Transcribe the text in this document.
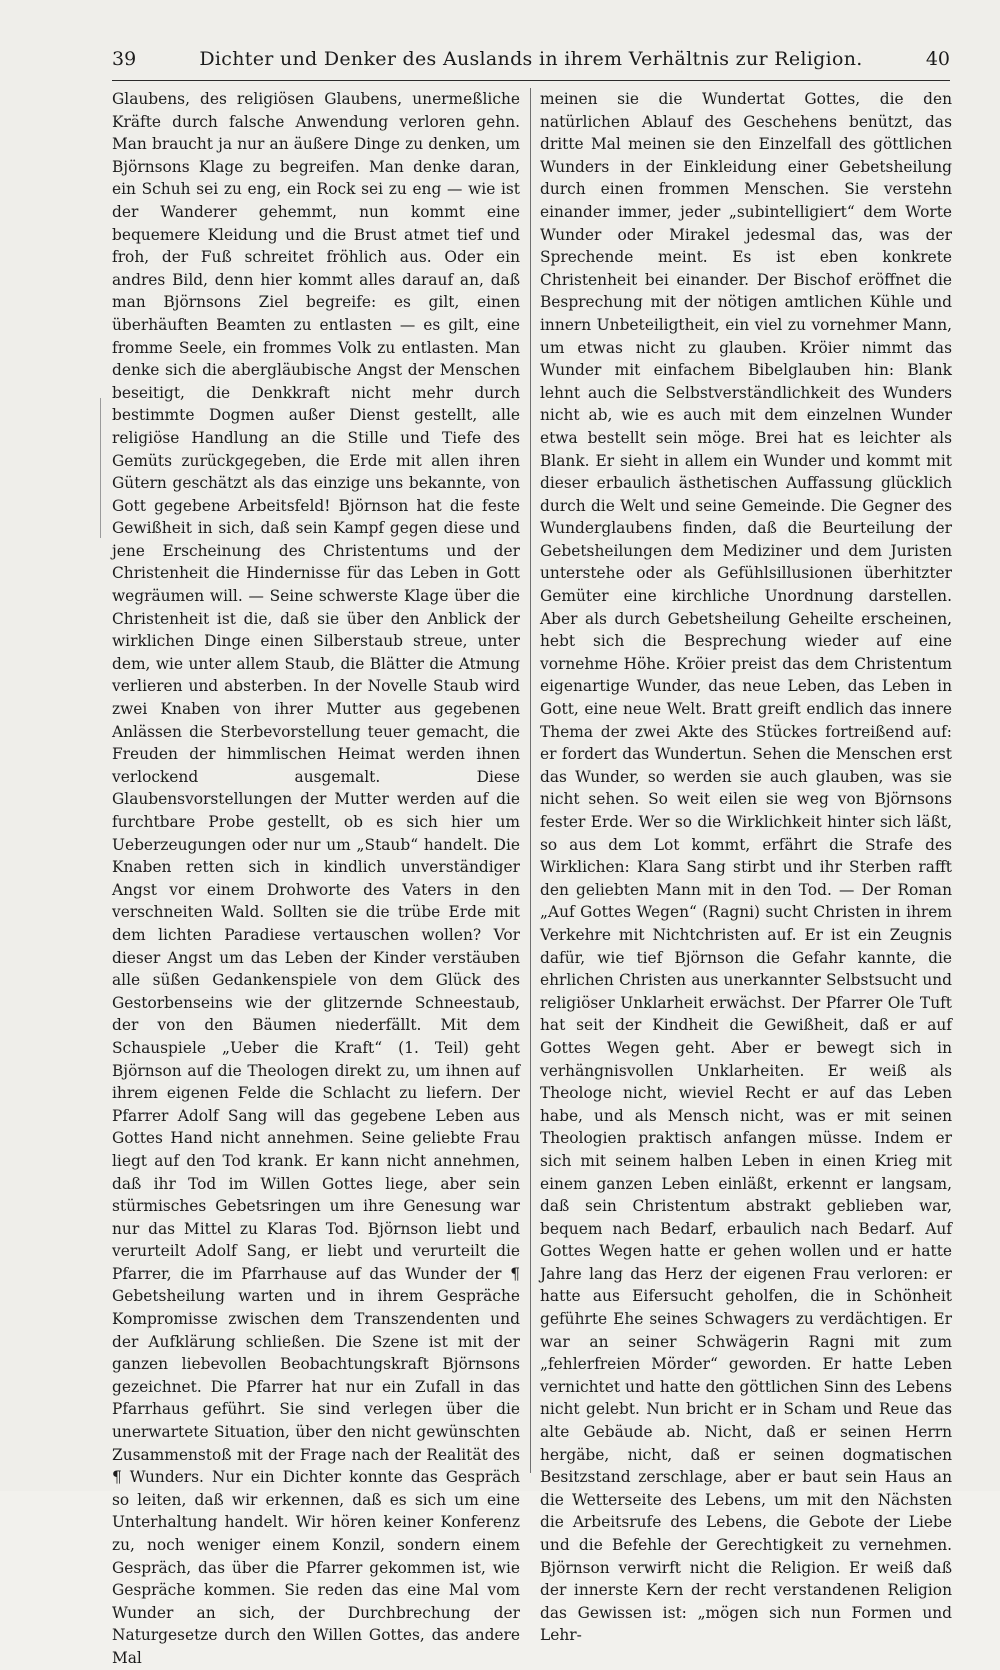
39	Dichter und Denker des Auslands in ihrem Verhältnis zur Religion.	40

Glaubens, des religiösen Glaubens, unermeßliche Kräfte durch falsche Anwendung verloren gehn. Man braucht ja nur an äußere Dinge zu denken, um Björnsons Klage zu begreifen. Man denke daran, ein Schuh sei zu eng, ein Rock sei zu eng — wie ist der Wanderer gehemmt, nun kommt eine bequemere Kleidung und die Brust atmet tief und froh, der Fuß schreitet fröhlich aus. Oder ein andres Bild, denn hier kommt alles darauf an, daß man Björnsons Ziel begreife: es gilt, einen überhäuften Beamten zu entlasten — es gilt, eine fromme Seele, ein frommes Volk zu entlasten. Man denke sich die abergläubische Angst der Menschen beseitigt, die Denkkraft nicht mehr durch bestimmte Dogmen außer Dienst gestellt, alle religiöse Handlung an die Stille und Tiefe des Gemüts zurückgegeben, die Erde mit allen ihren Gütern geschätzt als das einzige uns bekannte, von Gott gegebene Arbeitsfeld! Björnson hat die feste Gewißheit in sich, daß sein Kampf gegen diese und jene Erscheinung des Christentums und der Christenheit die Hindernisse für das Leben in Gott wegräumen will. — Seine schwerste Klage über die Christenheit ist die, daß sie über den Anblick der wirklichen Dinge einen Silberstaub streue, unter dem, wie unter allem Staub, die Blätter die Atmung verlieren und absterben. In der Novelle Staub wird zwei Knaben von ihrer Mutter aus gegebenen Anlässen die Sterbevorstellung teuer gemacht, die Freuden der himmlischen Heimat werden ihnen verlockend ausgemalt. Diese Glaubensvorstellungen der Mutter werden auf die furchtbare Probe gestellt, ob es sich hier um Ueberzeugungen oder nur um „Staub“ handelt. Die Knaben retten sich in kindlich unverständiger Angst vor einem Drohworte des Vaters in den verschneiten Wald. Sollten sie die trübe Erde mit dem lichten Paradiese vertauschen wollen? Vor dieser Angst um das Leben der Kinder verstäuben alle süßen Gedankenspiele von dem Glück des Gestorbenseins wie der glitzernde Schneestaub, der von den Bäumen niederfällt. Mit dem Schauspiele „Ueber die Kraft“ (1. Teil) geht Björnson auf die Theologen direkt zu, um ihnen auf ihrem eigenen Felde die Schlacht zu liefern. Der Pfarrer Adolf Sang will das gegebene Leben aus Gottes Hand nicht annehmen. Seine geliebte Frau liegt auf den Tod krank. Er kann nicht annehmen, daß ihr Tod im Willen Gottes liege, aber sein stürmisches Gebetsringen um ihre Genesung war nur das Mittel zu Klaras Tod. Björnson liebt und verurteilt Adolf Sang, er liebt und verurteilt die Pfarrer, die im Pfarrhause auf das Wunder der ¶ Gebetsheilung warten und in ihrem Gespräche Kompromisse zwischen dem Transzendenten und der Aufklärung schließen. Die Szene ist mit der ganzen liebevollen Beobachtungskraft Björnsons gezeichnet. Die Pfarrer hat nur ein Zufall in das Pfarrhaus geführt. Sie sind verlegen über die unerwartete Situation, über den nicht gewünschten Zusammenstoß mit der Frage nach der Realität des ¶ Wunders. Nur ein Dichter konnte das Gespräch so leiten, daß wir erkennen, daß es sich um eine Unterhaltung handelt. Wir hören keiner Konferenz zu, noch weniger einem Konzil, sondern einem Gespräch, das über die Pfarrer gekommen ist, wie Gespräche kommen. Sie reden das eine Mal vom Wunder an sich, der Durchbrechung der Naturgesetze durch den Willen Gottes, das andere Mal

meinen sie die Wundertat Gottes, die den natürlichen Ablauf des Geschehens benützt, das dritte Mal meinen sie den Einzelfall des göttlichen Wunders in der Einkleidung einer Gebetsheilung durch einen frommen Menschen. Sie verstehn einander immer, jeder „subintelligiert“ dem Worte Wunder oder Mirakel jedesmal das, was der Sprechende meint. Es ist eben konkrete Christenheit bei einander. Der Bischof eröffnet die Besprechung mit der nötigen amtlichen Kühle und innern Unbeteiligtheit, ein viel zu vornehmer Mann, um etwas nicht zu glauben. Kröier nimmt das Wunder mit einfachem Bibelglauben hin: Blank lehnt auch die Selbstverständlichkeit des Wunders nicht ab, wie es auch mit dem einzelnen Wunder etwa bestellt sein möge. Brei hat es leichter als Blank. Er sieht in allem ein Wunder und kommt mit dieser erbaulich ästhetischen Auffassung glücklich durch die Welt und seine Gemeinde. Die Gegner des Wunderglaubens finden, daß die Beurteilung der Gebetsheilungen dem Mediziner und dem Juristen unterstehe oder als Gefühlsillusionen überhitzter Gemüter eine kirchliche Unordnung darstellen. Aber als durch Gebetsheilung Geheilte erscheinen, hebt sich die Besprechung wieder auf eine vornehme Höhe. Kröier preist das dem Christentum eigenartige Wunder, das neue Leben, das Leben in Gott, eine neue Welt. Bratt greift endlich das innere Thema der zwei Akte des Stückes fortreißend auf: er fordert das Wundertun. Sehen die Menschen erst das Wunder, so werden sie auch glauben, was sie nicht sehen. So weit eilen sie weg von Björnsons fester Erde. Wer so die Wirklichkeit hinter sich läßt, so aus dem Lot kommt, erfährt die Strafe des Wirklichen: Klara Sang stirbt und ihr Sterben rafft den geliebten Mann mit in den Tod. — Der Roman „Auf Gottes Wegen“ (Ragni) sucht Christen in ihrem Verkehre mit Nichtchristen auf. Er ist ein Zeugnis dafür, wie tief Björnson die Gefahr kannte, die ehrlichen Christen aus unerkannter Selbstsucht und religiöser Unklarheit erwächst. Der Pfarrer Ole Tuft hat seit der Kindheit die Gewißheit, daß er auf Gottes Wegen geht. Aber er bewegt sich in verhängnisvollen Unklarheiten. Er weiß als Theologe nicht, wieviel Recht er auf das Leben habe, und als Mensch nicht, was er mit seinen Theologien praktisch anfangen müsse. Indem er sich mit seinem halben Leben in einen Krieg mit einem ganzen Leben einläßt, erkennt er langsam, daß sein Christentum abstrakt geblieben war, bequem nach Bedarf, erbaulich nach Bedarf. Auf Gottes Wegen hatte er gehen wollen und er hatte Jahre lang das Herz der eigenen Frau verloren: er hatte aus Eifersucht geholfen, die in Schönheit geführte Ehe seines Schwagers zu verdächtigen. Er war an seiner Schwägerin Ragni mit zum „fehlerfreien Mörder“ geworden. Er hatte Leben vernichtet und hatte den göttlichen Sinn des Lebens nicht gelebt. Nun bricht er in Scham und Reue das alte Gebäude ab. Nicht, daß er seinen Herrn hergäbe, nicht, daß er seinen dogmatischen Besitzstand zerschlage, aber er baut sein Haus an die Wetterseite des Lebens, um mit den Nächsten die Arbeitsrufe des Lebens, die Gebote der Liebe und die Befehle der Gerechtigkeit zu vernehmen. Björnson verwirft nicht die Religion. Er weiß daß der innerste Kern der recht verstandenen Religion das Gewissen ist: „mögen sich nun Formen und Lehr-
